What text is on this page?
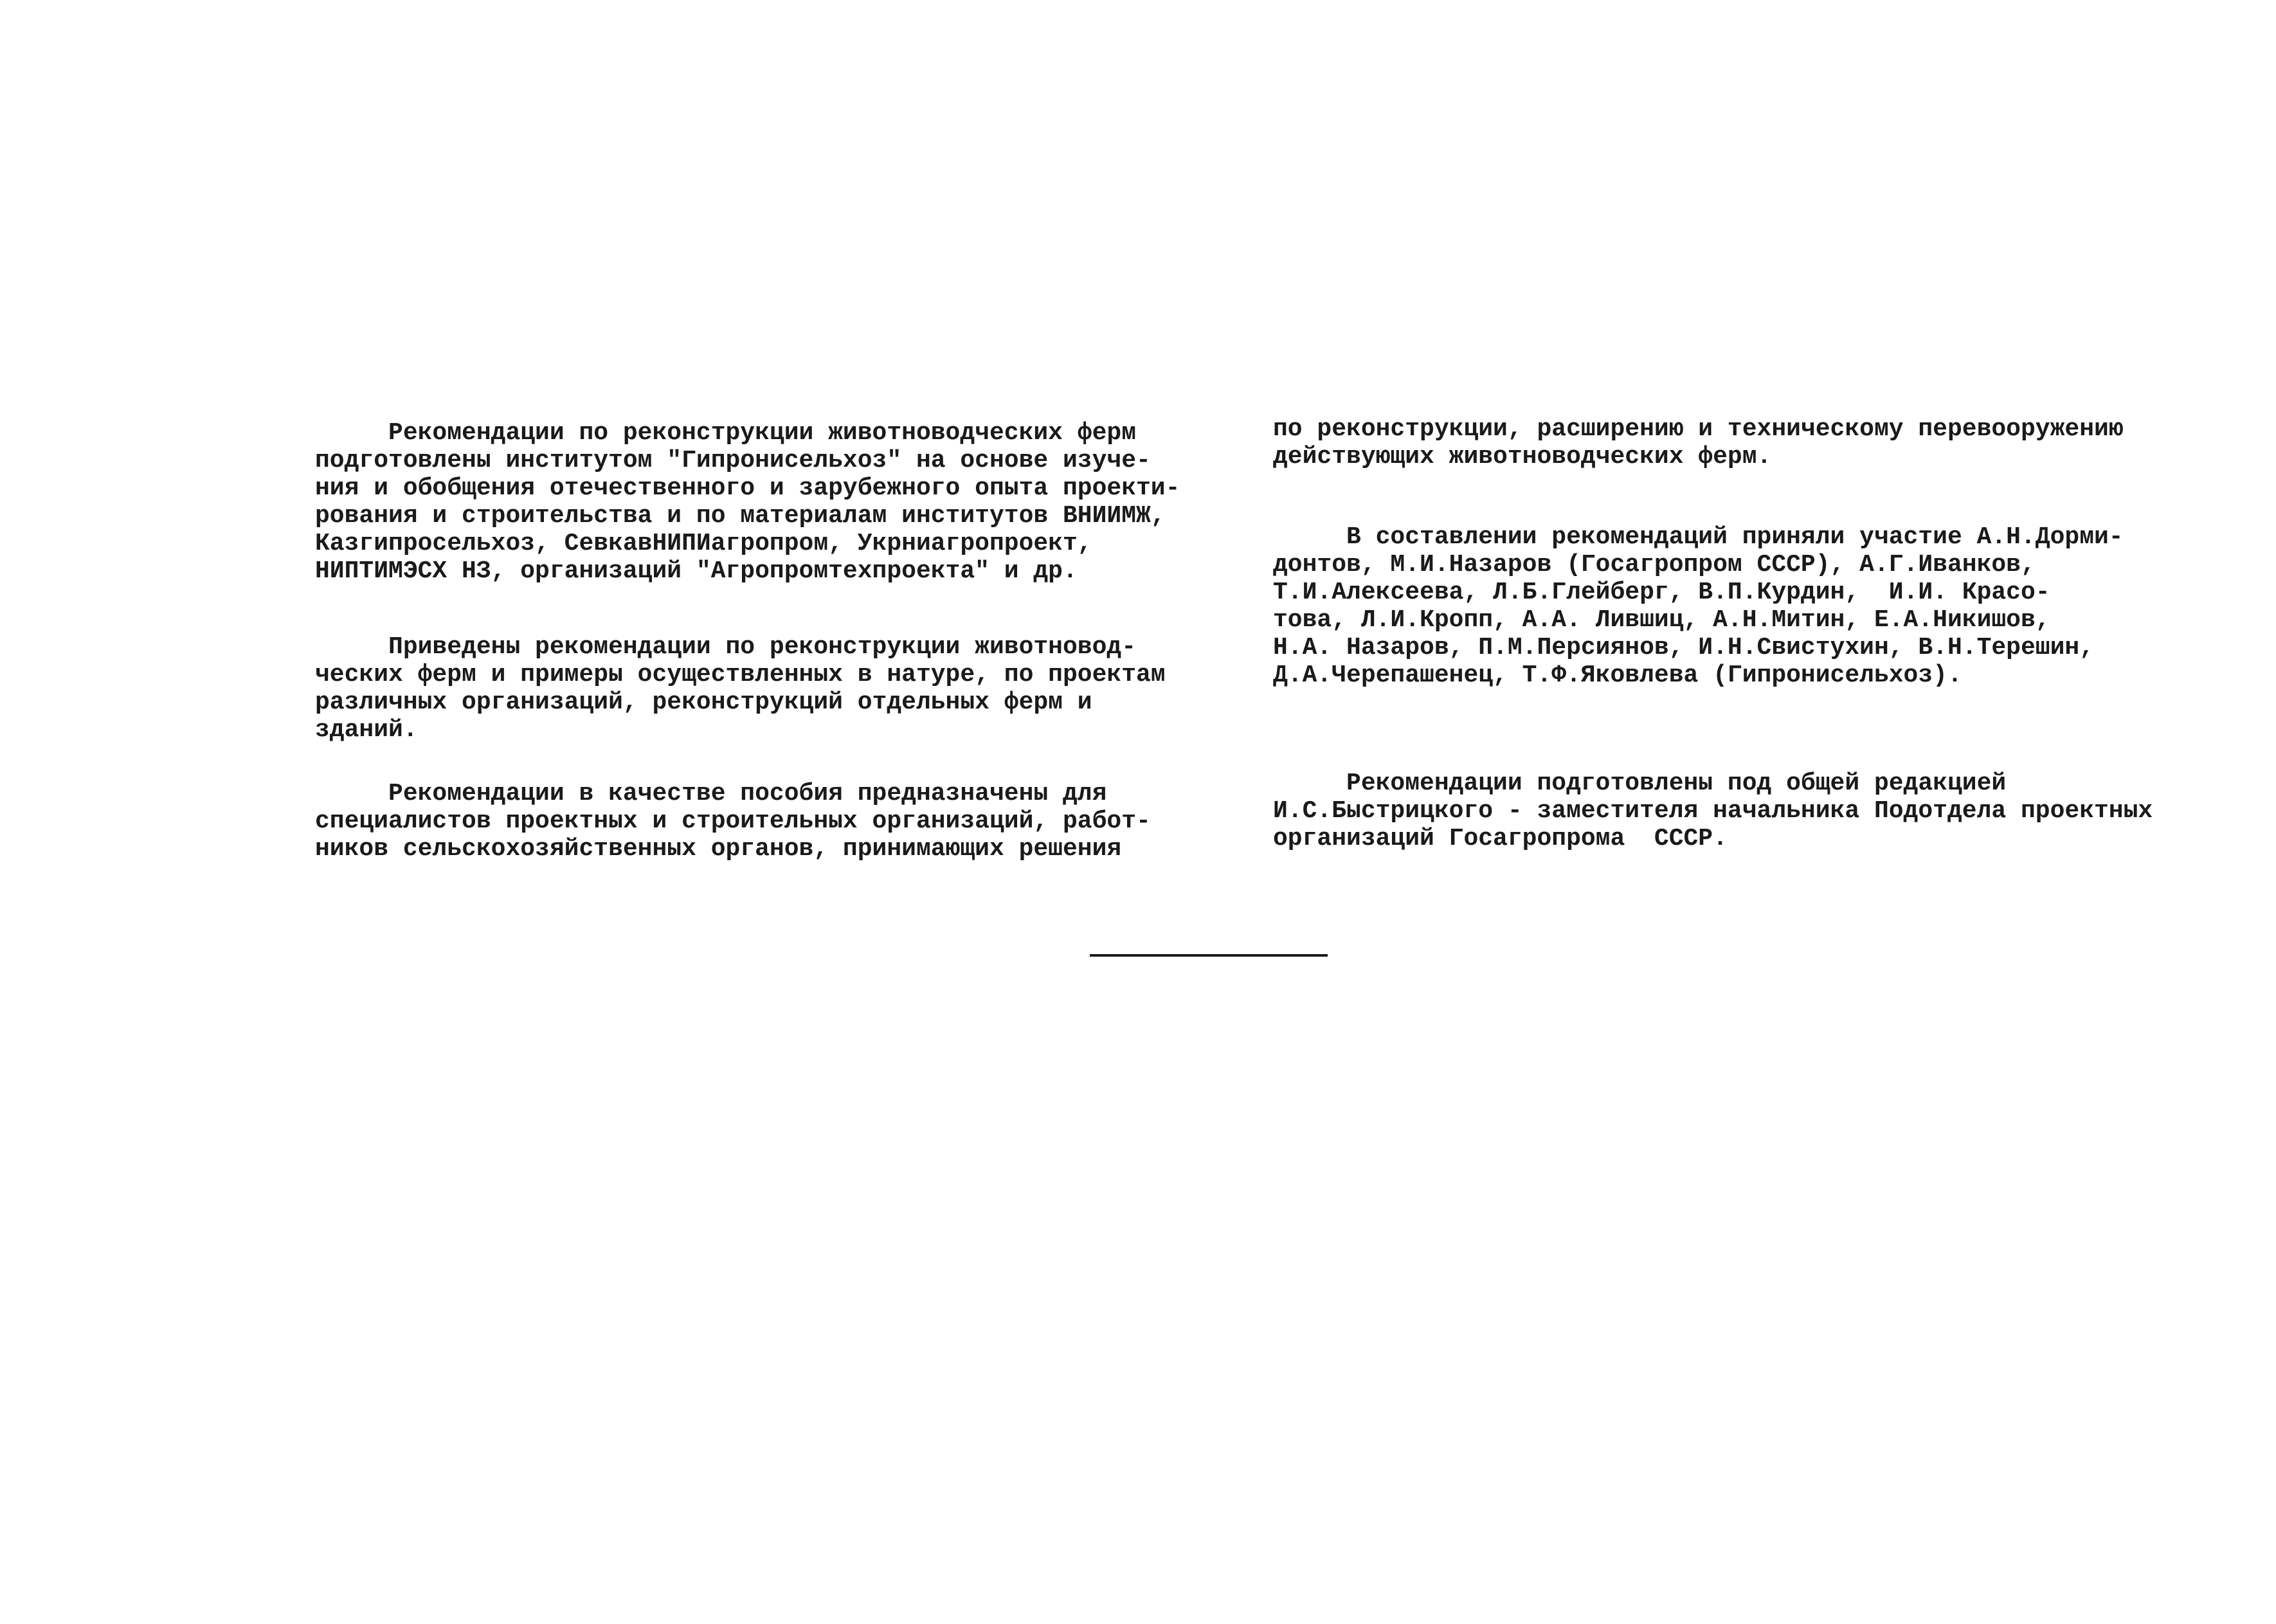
Рекомендации по реконструкции животноводческих ферм
подготовлены институтом "Гипрониcельхоз" на основе изуче-
ния и обобщения отечественного и зарубежного опыта проекти-
рования и строительства и по материалам институтов ВНИИМЖ,
Казгипросельхоз, СевкавНИПИагропром, Укрниагропроект,
НИПТИМЭСХ НЗ, организаций "Агропромтехпроекта" и др.
Приведены рекомендации по реконструкции животновод-
ческих ферм и примеры осуществленных в натуре, по проектам
различных организаций, реконструкций отдельных ферм и
зданий.
Рекомендации в качестве пособия предназначены для
специалистов проектных и строительных организаций, работ-
ников сельскохозяйственных органов, принимающих решения
по реконструкции, расширению и техническому перевооружению
действующих животноводческих ферм.
В составлении рекомендаций приняли участие А.Н.Дорми-
донтов, М.И.Назаров (Госагропром СССР), А.Г.Иванков,
Т.И.Алексеева, Л.Б.Глейберг, В.П.Курдин,  И.И. Красо-
това, Л.И.Кропп, А.А. Лившиц, А.Н.Митин, Е.А.Никишов,
Н.А. Назаров, П.М.Персиянов, И.Н.Свистухин, В.Н.Терешин,
Д.А.Черепашенец, Т.Ф.Яковлева (Гипрониcельхоз).
Рекомендации подготовлены под общей редакцией
И.С.Быстрицкого - заместителя начальника Подотдела проектных
организаций Госагропрома  СССР.
